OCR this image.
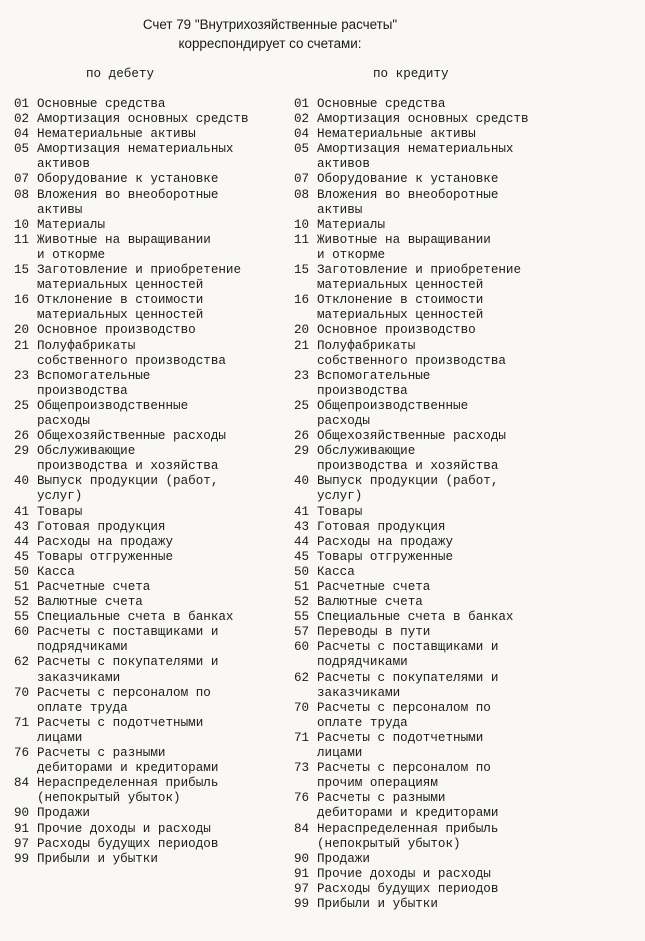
Счет 79 "Внутрихозяйственные расчеты"
корреспондирует со счетами:
по дебету	по кредиту
01 Основные средства
02 Амортизация основных средств
04 Нематериальные активы
05 Амортизация нематериальных
активов
07 Оборудование к установке
08 Вложения во внеоборотные
активы
10 Материалы
11 Животные на выращивании
и откорме
15 Заготовление и приобретение
материальных ценностей
16 Отклонение в стоимости
материальных ценностей
20 Основное производство
21 Полуфабрикаты
собственного производства
23 Вспомогательные
производства
25 Общепроизводственные
расходы
26 Общехозяйственные расходы
29 Обслуживающие
производства и хозяйства
40 Выпуск продукции (работ,
услуг)
41 Товары
43 Готовая продукция
44 Расходы на продажу
45 Товары отгруженные
50 Касса
51 Расчетные счета
52 Валютные счета
55 Специальные счета в банках
60 Расчеты с поставщиками и
подрядчиками
62 Расчеты с покупателями и
заказчиками
70 Расчеты с персоналом по
оплате труда
71 Расчеты с подотчетными
лицами
76 Расчеты с разными
дебиторами и кредиторами
84 Нераспределенная прибыль
(непокрытый убыток)
90 Продажи
91 Прочие доходы и расходы
97 Расходы будущих периодов
99 Прибыли и убытки
01 Основные средства
02 Амортизация основных средств
04 Нематериальные активы
05 Амортизация нематериальных
активов
07 Оборудование к установке
08 Вложения во внеоборотные
активы
10 Материалы
11 Животные на выращивании
и откорме
15 Заготовление и приобретение
материальных ценностей
16 Отклонение в стоимости
материальных ценностей
20 Основное производство
21 Полуфабрикаты
собственного производства
23 Вспомогательные
производства
25 Общепроизводственные
расходы
26 Общехозяйственные расходы
29 Обслуживающие
производства и хозяйства
40 Выпуск продукции (работ,
услуг)
41 Товары
43 Готовая продукция
44 Расходы на продажу
45 Товары отгруженные
50 Касса
51 Расчетные счета
52 Валютные счета
55 Специальные счета в банках
57 Переводы в пути
60 Расчеты с поставщиками и
подрядчиками
62 Расчеты с покупателями и
заказчиками
70 Расчеты с персоналом по
оплате труда
71 Расчеты с подотчетными
лицами
73 Расчеты с персоналом по
прочим операциям
76 Расчеты с разными
дебиторами и кредиторами
84 Нераспределенная прибыль
(непокрытый убыток)
90 Продажи
91 Прочие доходы и расходы
97 Расходы будущих периодов
99 Прибыли и убытки
